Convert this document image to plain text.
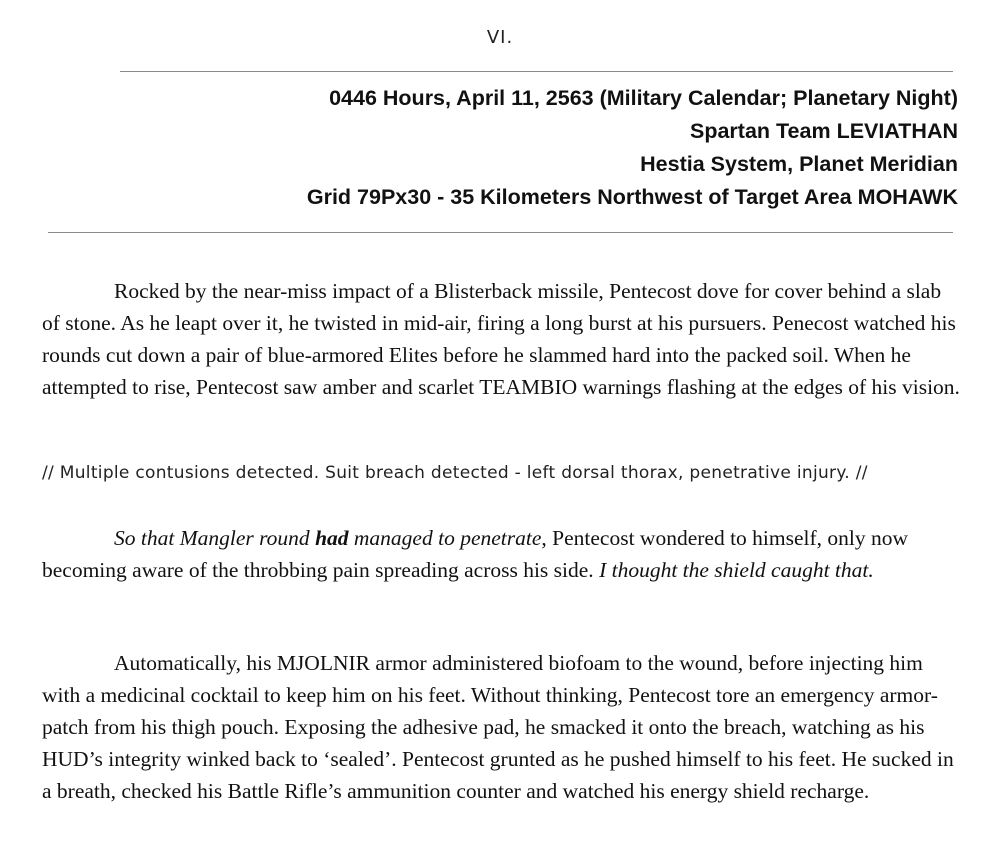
VI.
0446 Hours, April 11, 2563 (Military Calendar; Planetary Night)
Spartan Team LEVIATHAN
Hestia System, Planet Meridian
Grid 79Px30 - 35 Kilometers Northwest of Target Area MOHAWK

Rocked by the near-miss impact of a Blisterback missile, Pentecost dove for cover behind a slab of stone. As he leapt over it, he twisted in mid-air, firing a long burst at his pursuers. Penecost watched his rounds cut down a pair of blue-armored Elites before he slammed hard into the packed soil. When he attempted to rise, Pentecost saw amber and scarlet TEAMBIO warnings flashing at the edges of his vision.

// Multiple contusions detected. Suit breach detected - left dorsal thorax, penetrative injury. //

So that Mangler round had managed to penetrate, Pentecost wondered to himself, only now becoming aware of the throbbing pain spreading across his side. I thought the shield caught that.

Automatically, his MJOLNIR armor administered biofoam to the wound, before injecting him with a medicinal cocktail to keep him on his feet. Without thinking, Pentecost tore an emergency armor-patch from his thigh pouch. Exposing the adhesive pad, he smacked it onto the breach, watching as his HUD’s integrity winked back to ‘sealed’. Pentecost grunted as he pushed himself to his feet. He sucked in a breath, checked his Battle Rifle’s ammunition counter and watched his energy shield recharge.
